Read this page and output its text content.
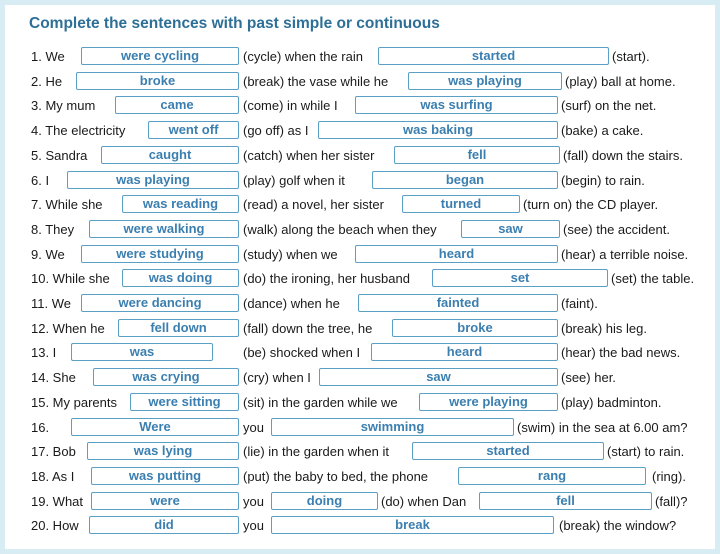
Complete the sentences with past simple or continuous
1. We	were cycling	(cycle) when the rain	started	(start).
2. He	broke	(break) the vase while he	was playing	(play) ball at home.
3. My mum	came	(come) in while I	was surfing	(surf) on the net.
4. The electricity	went off	(go off) as I	was baking	(bake) a cake.
5. Sandra	caught	(catch) when her sister	fell	(fall) down the stairs.
6. I	was playing	(play) golf when it	began	(begin) to rain.
7. While she	was reading	(read) a novel, her sister	turned	(turn on) the CD player.
8. They	were walking	(walk) along the beach when they	saw	(see) the accident.
9. We	were studying	(study) when we	heard	(hear) a terrible noise.
10. While she	was doing	(do) the ironing, her husband	set	(set) the table.
11. We	were dancing	(dance) when he	fainted	(faint).
12. When he	fell down	(fall) down the tree, he	broke	(break) his leg.
13. I	was	(be) shocked when I	heard	(hear) the bad news.
14. She	was crying	(cry) when I	saw	(see) her.
15. My parents	were sitting	(sit) in the garden while we	were playing	(play) badminton.
16.	Were	you	swimming	(swim) in the sea at 6.00 am?
17. Bob	was lying	(lie) in the garden when it	started	(start) to rain.
18. As I	was putting	(put) the baby to bed, the phone	rang	(ring).
19. What	were	you	doing	(do) when Dan	fell	(fall)?
20. How	did	you	break	(break) the window?
